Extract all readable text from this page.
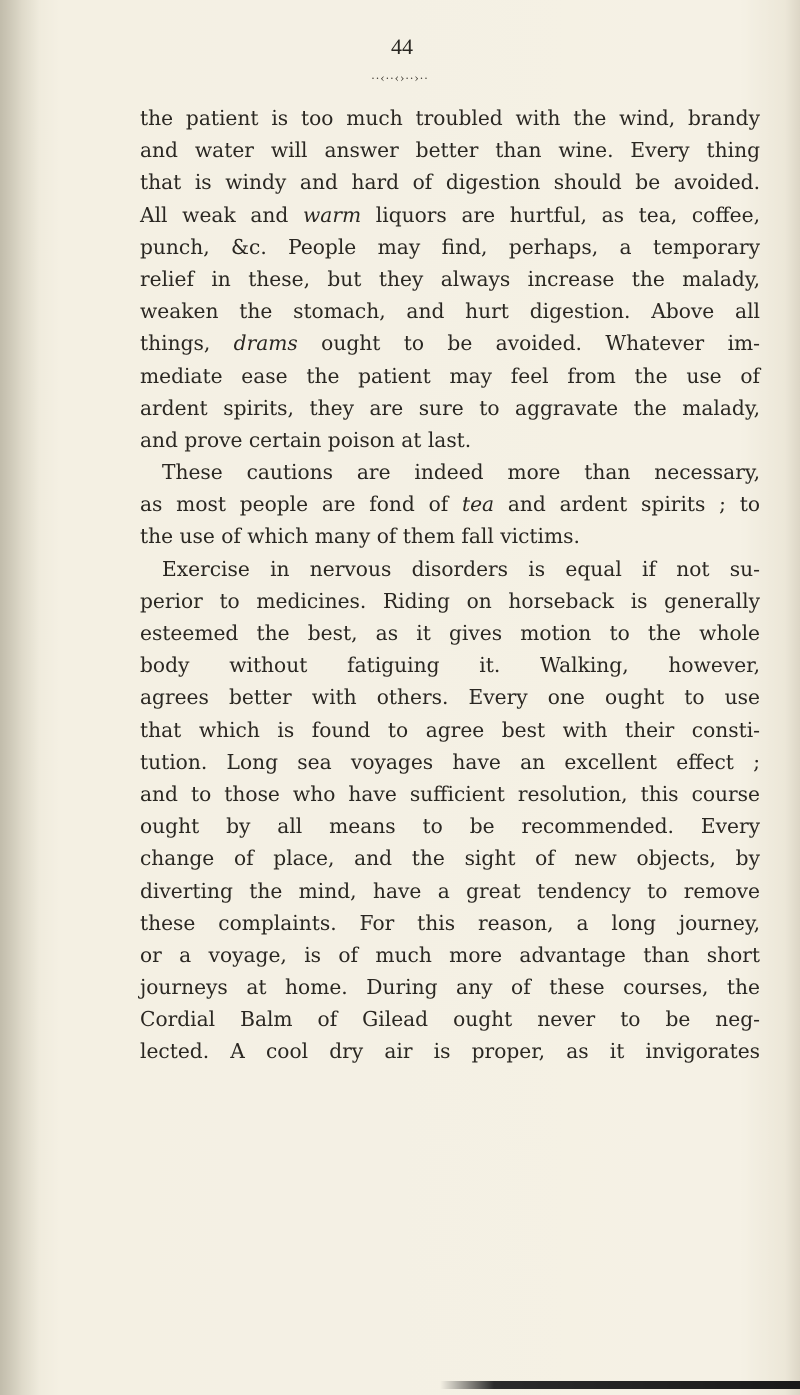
44
··‹··‹›··›··
the patient is too much troubled with the wind, brandy
and water will answer better than wine. Every thing
that is windy and hard of digestion should be avoided.
All weak and warm liquors are hurtful, as tea, coffee,
punch, &c. People may find, perhaps, a temporary
relief in these, but they always increase the malady,
weaken the stomach, and hurt digestion. Above all
things, drams ought to be avoided. Whatever im-
mediate ease the patient may feel from the use of
ardent spirits, they are sure to aggravate the malady,
and prove certain poison at last.
These cautions are indeed more than necessary,
as most people are fond of tea and ardent spirits ; to
the use of which many of them fall victims.
Exercise in nervous disorders is equal if not su-
perior to medicines. Riding on horseback is generally
esteemed the best, as it gives motion to the whole
body without fatiguing it. Walking, however,
agrees better with others. Every one ought to use
that which is found to agree best with their consti-
tution. Long sea voyages have an excellent effect ;
and to those who have sufficient resolution, this course
ought by all means to be recommended. Every
change of place, and the sight of new objects, by
diverting the mind, have a great tendency to remove
these complaints. For this reason, a long journey,
or a voyage, is of much more advantage than short
journeys at home. During any of these courses, the
Cordial Balm of Gilead ought never to be neg-
lected. A cool dry air is proper, as it invigorates
